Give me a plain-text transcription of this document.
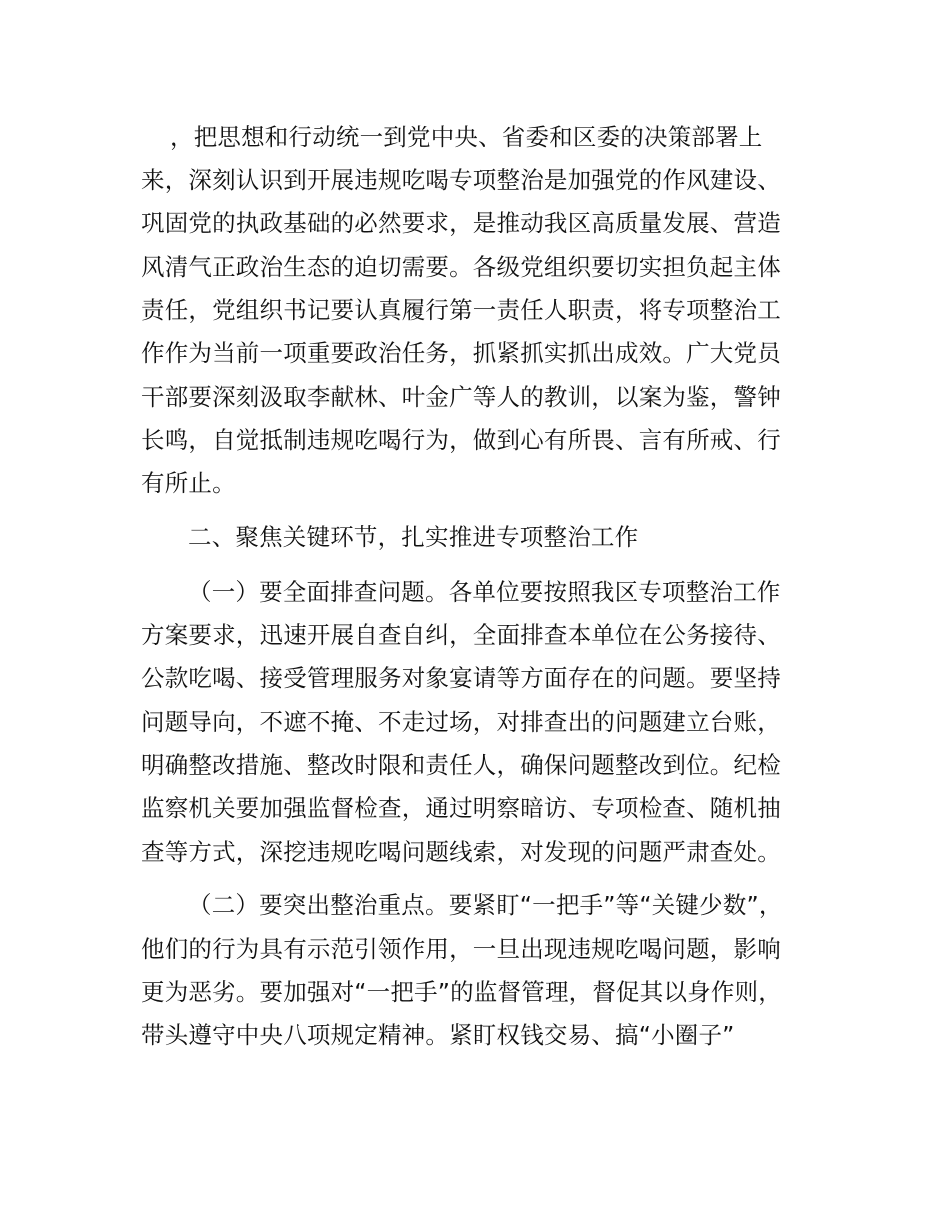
，把思想和行动统一到党中央、省委和区委的决策部署上
来，深刻认识到开展违规吃喝专项整治是加强党的作风建设、
巩固党的执政基础的必然要求，是推动我区高质量发展、营造
风清气正政治生态的迫切需要。各级党组织要切实担负起主体
责任，党组织书记要认真履行第一责任人职责，将专项整治工
作作为当前一项重要政治任务，抓紧抓实抓出成效。广大党员
干部要深刻汲取李献林、叶金广等人的教训，以案为鉴，警钟
长鸣，自觉抵制违规吃喝行为，做到心有所畏、言有所戒、行
有所止。
二、聚焦关键环节，扎实推进专项整治工作
（一）要全面排查问题。各单位要按照我区专项整治工作
方案要求，迅速开展自查自纠，全面排查本单位在公务接待、
公款吃喝、接受管理服务对象宴请等方面存在的问题。要坚持
问题导向，不遮不掩、不走过场，对排查出的问题建立台账，
明确整改措施、整改时限和责任人，确保问题整改到位。纪检
监察机关要加强监督检查，通过明察暗访、专项检查、随机抽
查等方式，深挖违规吃喝问题线索，对发现的问题严肃查处。
（二）要突出整治重点。要紧盯“一把手”等“关键少数”，
他们的行为具有示范引领作用，一旦出现违规吃喝问题，影响
更为恶劣。要加强对“一把手”的监督管理，督促其以身作则，
带头遵守中央八项规定精神。紧盯权钱交易、搞“小圈子”
